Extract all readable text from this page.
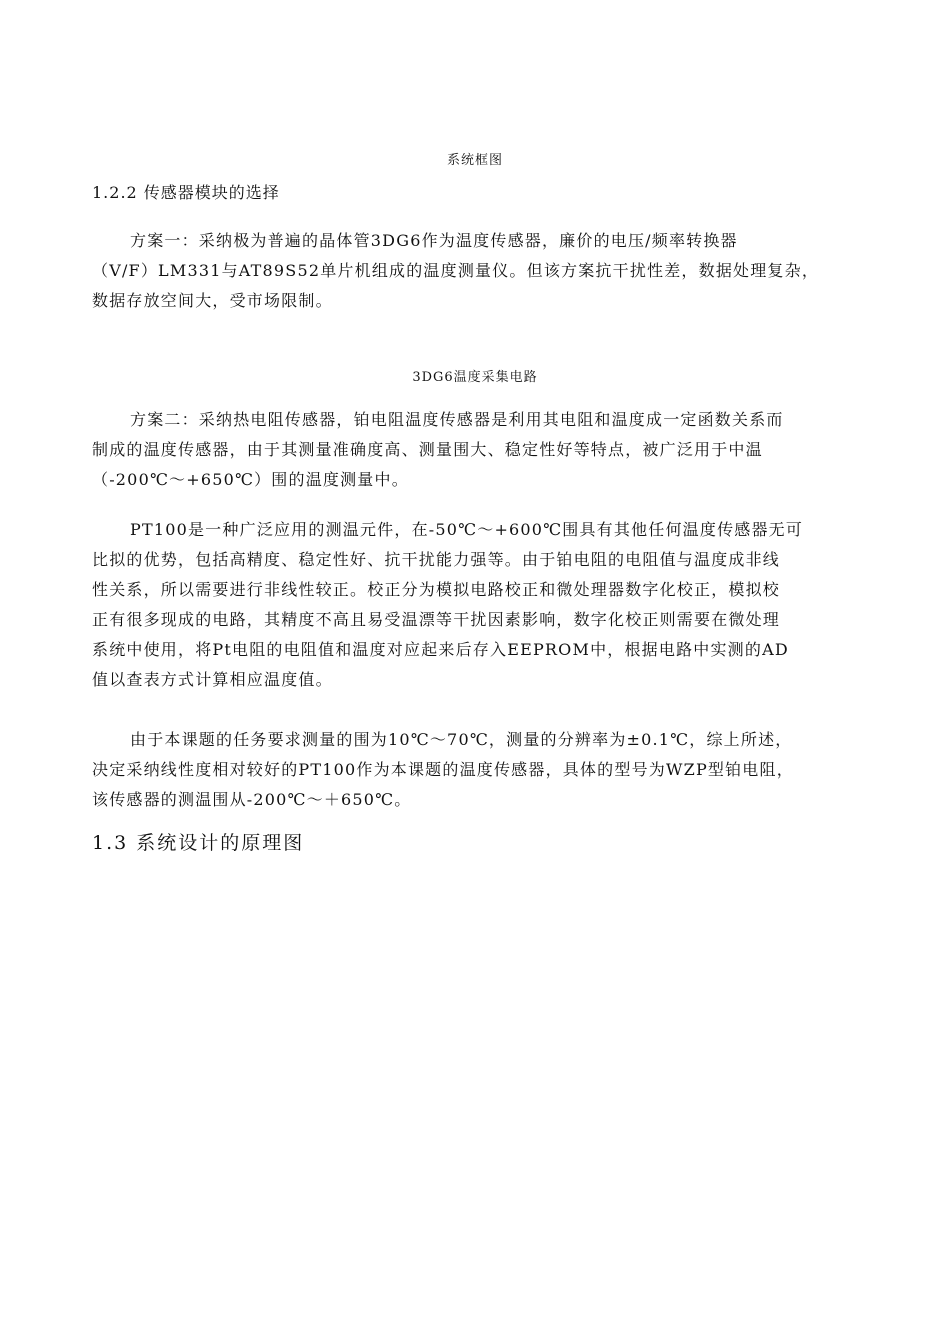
系统框图
1.2.2 传感器模块的选择
方案一：采纳极为普遍的晶体管3DG6作为温度传感器，廉价的电压/频率转换器
（V/F）LM331与AT89S52单片机组成的温度测量仪。但该方案抗干扰性差，数据处理复杂，
数据存放空间大，受市场限制。
3DG6温度采集电路
方案二：采纳热电阻传感器，铂电阻温度传感器是利用其电阻和温度成一定函数关系而
制成的温度传感器，由于其测量准确度高、测量围大、稳定性好等特点，被广泛用于中温
（-200℃～+650℃）围的温度测量中。
PT100是一种广泛应用的测温元件，在-50℃～+600℃围具有其他任何温度传感器无可
比拟的优势，包括高精度、稳定性好、抗干扰能力强等。由于铂电阻的电阻值与温度成非线
性关系，所以需要进行非线性较正。校正分为模拟电路校正和微处理器数字化校正，模拟校
正有很多现成的电路，其精度不高且易受温漂等干扰因素影响，数字化校正则需要在微处理
系统中使用，将Pt电阻的电阻值和温度对应起来后存入EEPROM中，根据电路中实测的AD
值以查表方式计算相应温度值。
由于本课题的任务要求测量的围为10℃～70℃，测量的分辨率为±0.1℃，综上所述，
决定采纳线性度相对较好的PT100作为本课题的温度传感器，具体的型号为WZP型铂电阻，
该传感器的测温围从-200℃～＋650℃。
1.3 系统设计的原理图
